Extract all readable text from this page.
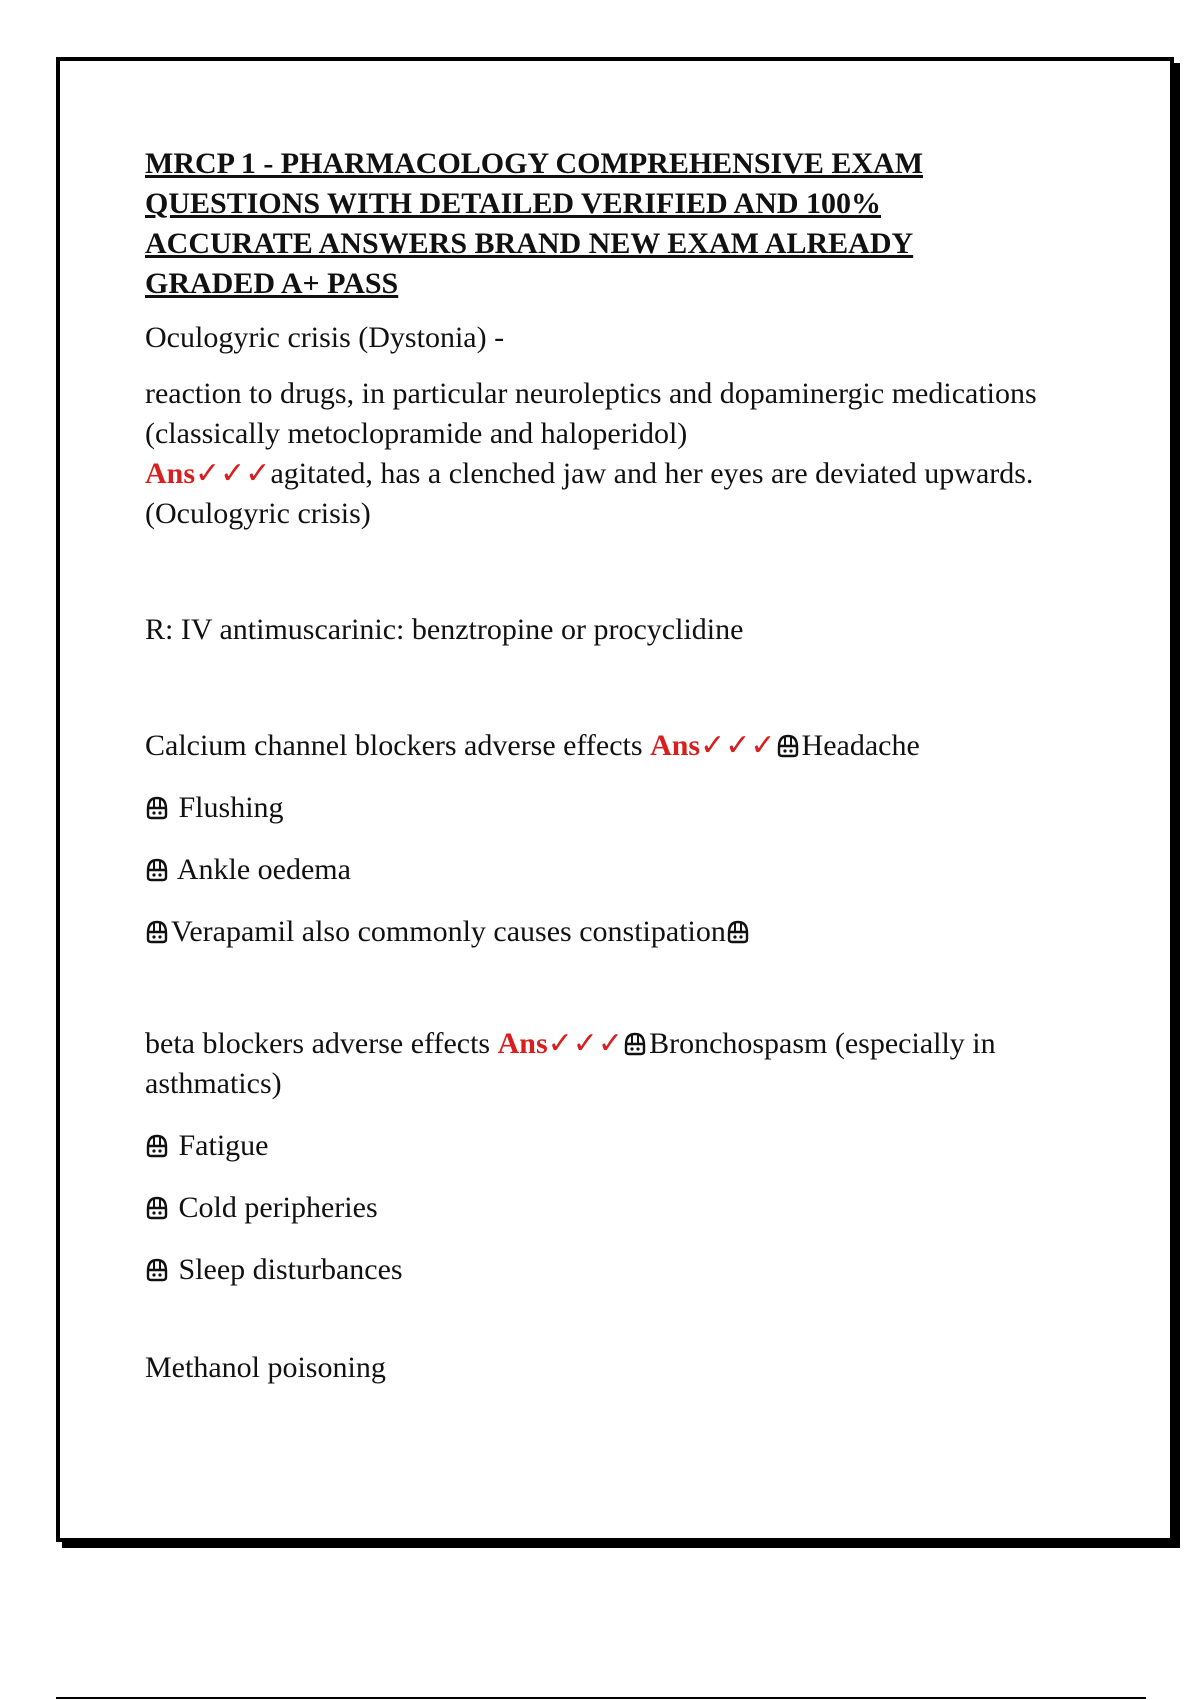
MRCP 1 - PHARMACOLOGY COMPREHENSIVE EXAM QUESTIONS WITH DETAILED VERIFIED AND 100% ACCURATE ANSWERS BRAND NEW EXAM ALREADY GRADED A+ PASS

Oculogyric crisis (Dystonia) -

reaction to drugs, in particular neuroleptics and dopaminergic medications (classically metoclopramide and haloperidol)

Ans✓✓✓agitated, has a clenched jaw and her eyes are deviated upwards.(Oculogyric crisis)

R: IV antimuscarinic: benztropine or procyclidine

Calcium channel blockers adverse effects Ans✓✓✓ Headache

Flushing

Ankle oedema

Verapamil also commonly causes constipation

beta blockers adverse effects Ans✓✓✓ Bronchospasm (especially in asthmatics)

Fatigue

Cold peripheries

Sleep disturbances

Methanol poisoning
